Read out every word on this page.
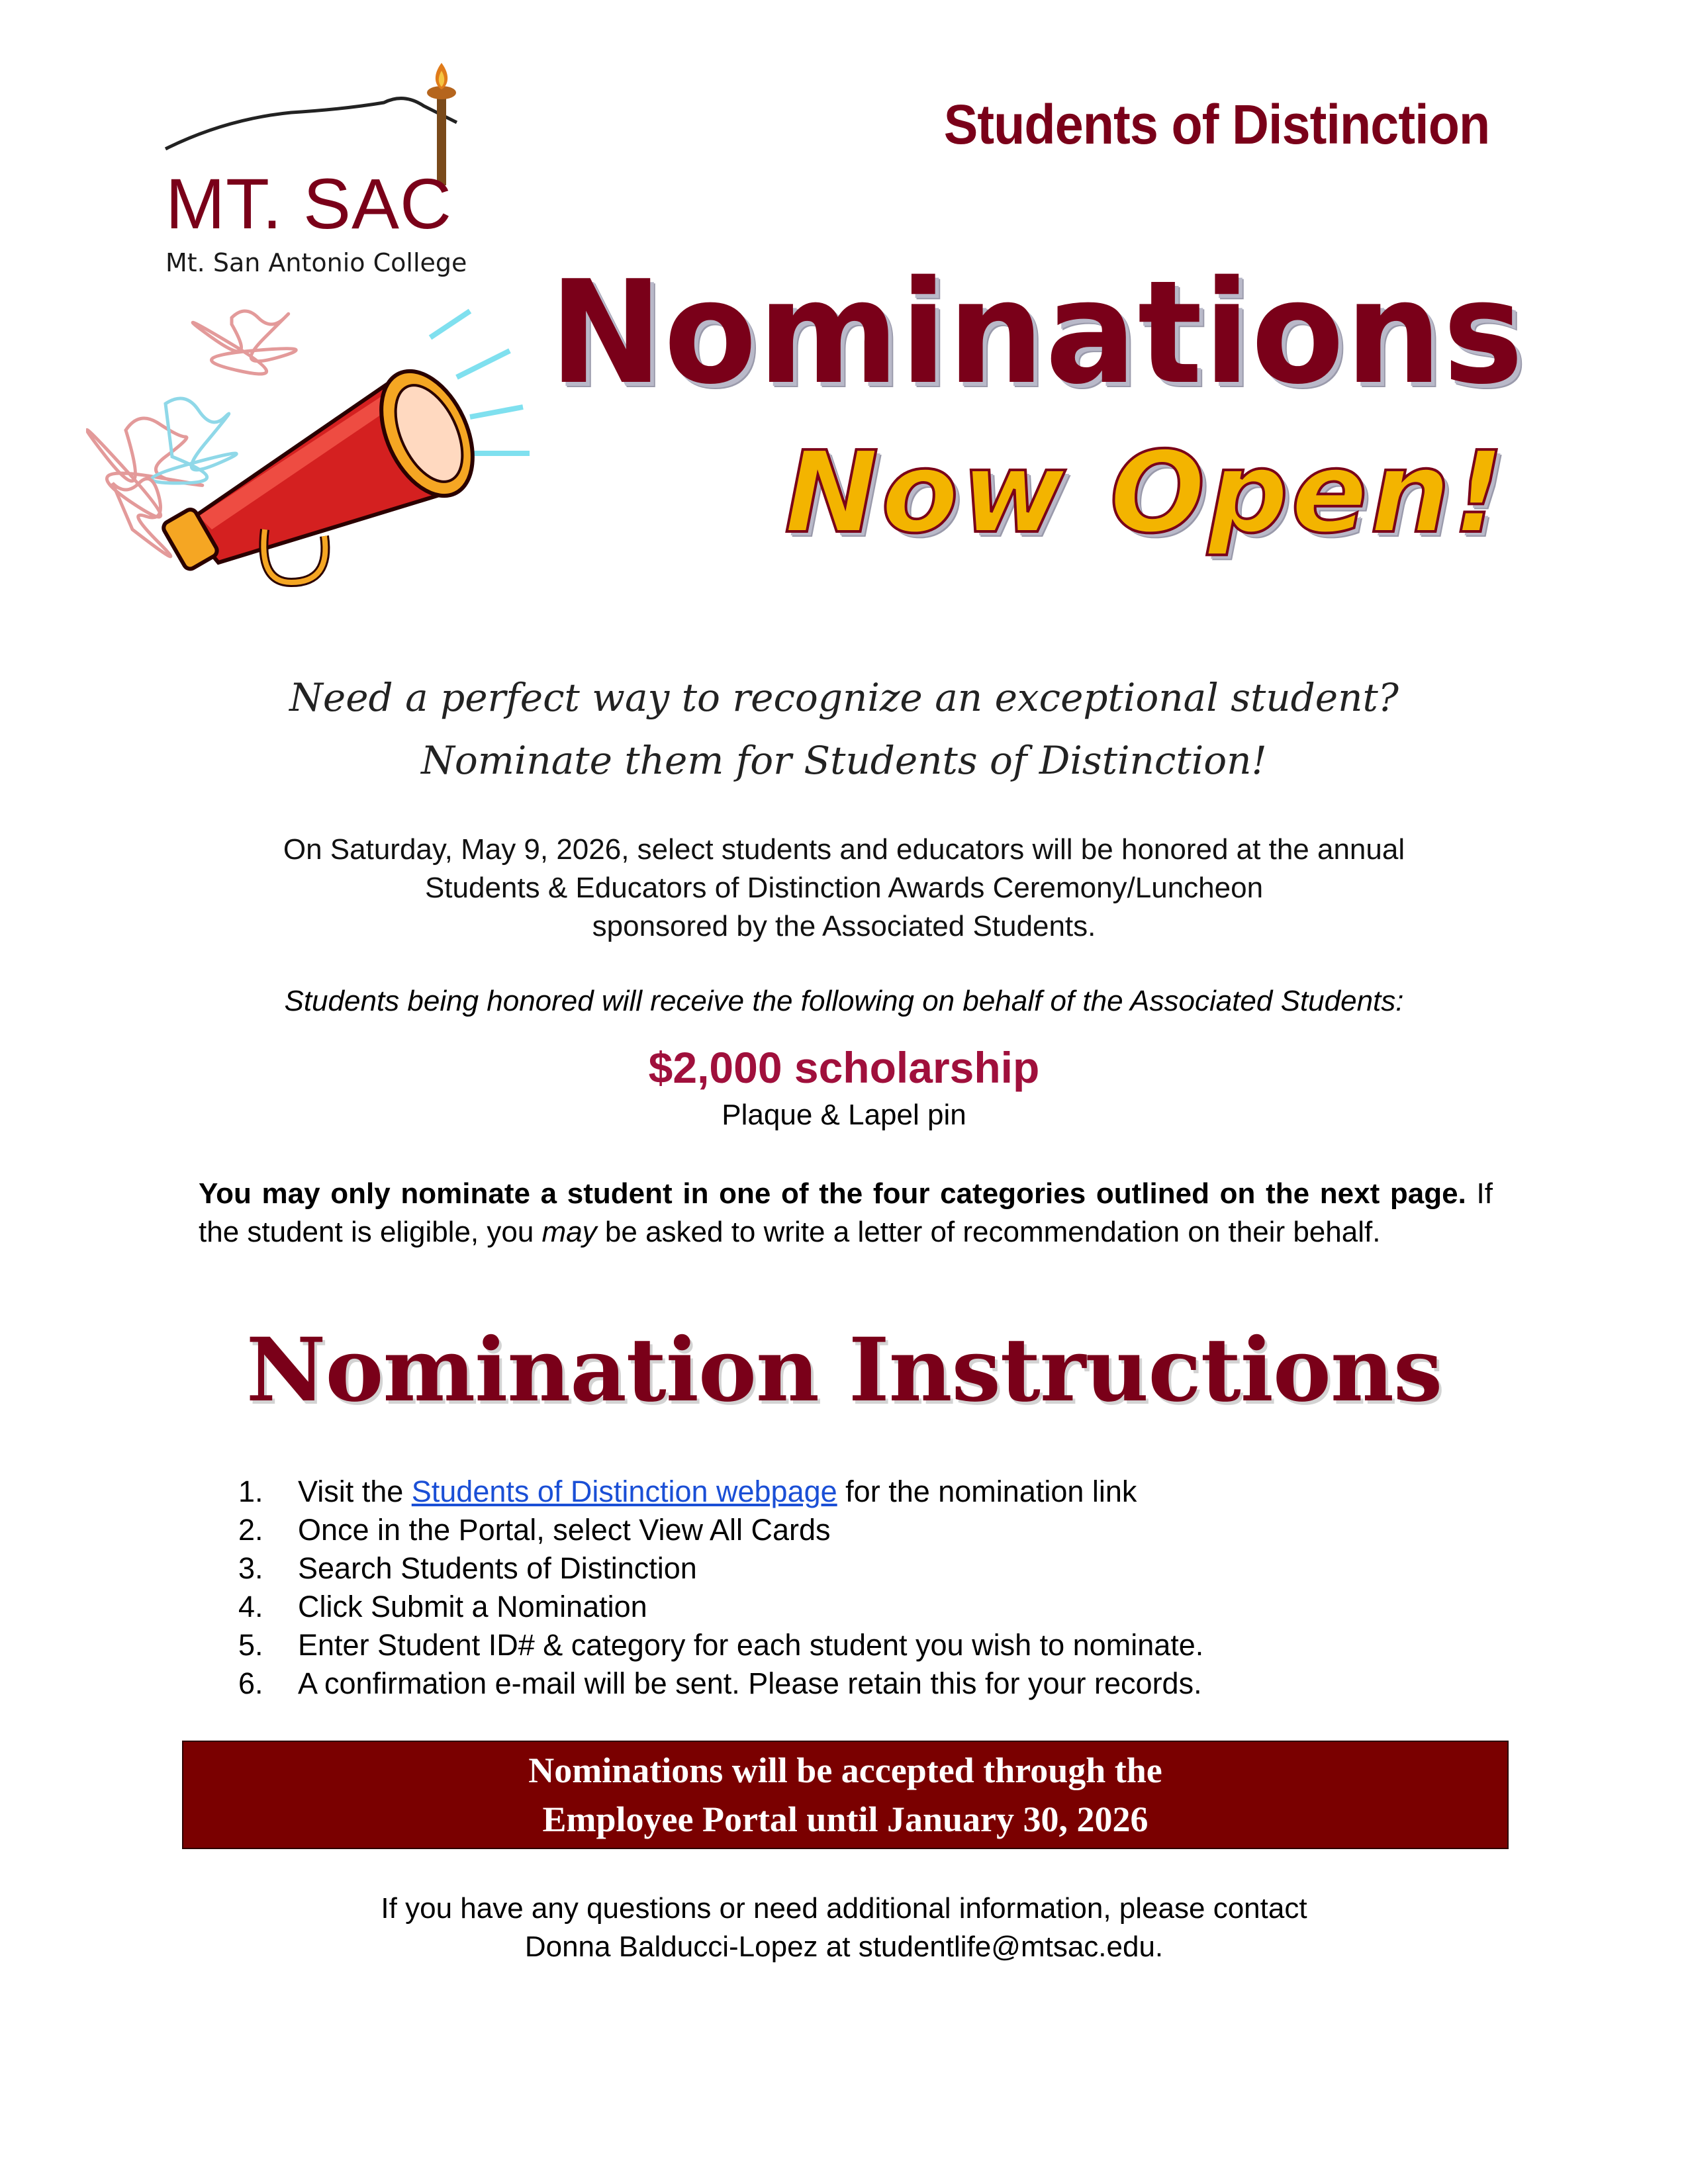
MT. SAC
Mt. San Antonio College
Students of Distinction
Nominations
Now Open!
Need a perfect way to recognize an exceptional student?
Nominate them for Students of Distinction!
On Saturday, May 9, 2026, select students and educators will be honored at the annual
Students & Educators of Distinction Awards Ceremony/Luncheon
sponsored by the Associated Students.
Students being honored will receive the following on behalf of the Associated Students:
$2,000 scholarship
Plaque & Lapel pin
You may only nominate a student in one of the four categories outlined on the next page. If the student is eligible, you may be asked to write a letter of recommendation on their behalf.
Nomination Instructions
1.	Visit the Students of Distinction webpage for the nomination link
2.	Once in the Portal, select View All Cards
3.	Search Students of Distinction
4.	Click Submit a Nomination
5.	Enter Student ID# & category for each student you wish to nominate.
6.	A confirmation e-mail will be sent. Please retain this for your records.
Nominations will be accepted through the
Employee Portal until January 30, 2026
If you have any questions or need additional information, please contact
Donna Balducci-Lopez at studentlife@mtsac.edu.
